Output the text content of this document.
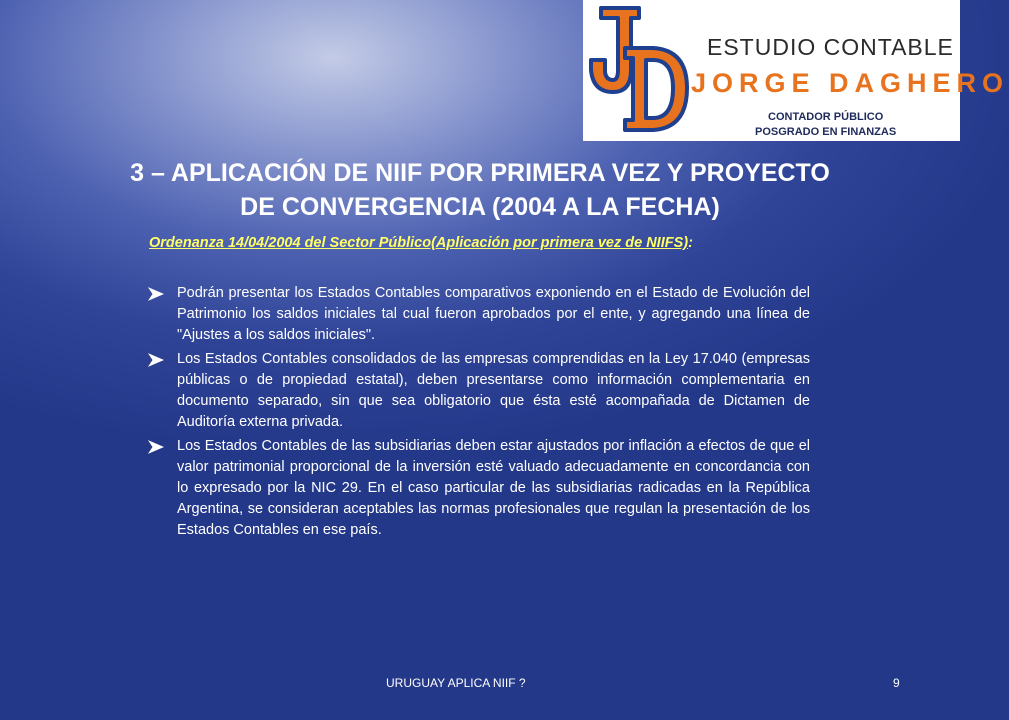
ESTUDIO CONTABLE
JORGE DAGHERO
CONTADOR PÚBLICO
POSGRADO EN FINANZAS
3 – APLICACIÓN DE NIIF POR PRIMERA VEZ Y PROYECTO DE CONVERGENCIA (2004 A LA FECHA)
Ordenanza 14/04/2004 del Sector Público(Aplicación por primera vez de NIIFS):
Podrán presentar los Estados Contables comparativos exponiendo en el Estado de Evolución del Patrimonio los saldos iniciales tal cual fueron aprobados por el ente, y agregando una línea de "Ajustes a los saldos iniciales".
Los Estados Contables consolidados de las empresas comprendidas en la Ley 17.040 (empresas públicas o de propiedad estatal), deben presentarse como información complementaria en documento separado, sin que sea obligatorio que ésta esté acompañada de Dictamen de Auditoría externa privada.
Los Estados Contables de las subsidiarias deben estar ajustados por inflación a efectos de que el valor patrimonial proporcional de la inversión esté valuado adecuadamente en concordancia con lo expresado por la NIC 29. En el caso particular de las subsidiarias radicadas en la República Argentina, se consideran aceptables las normas profesionales que regulan la presentación de los Estados Contables en ese país.
URUGUAY APLICA NIIF ?	9
